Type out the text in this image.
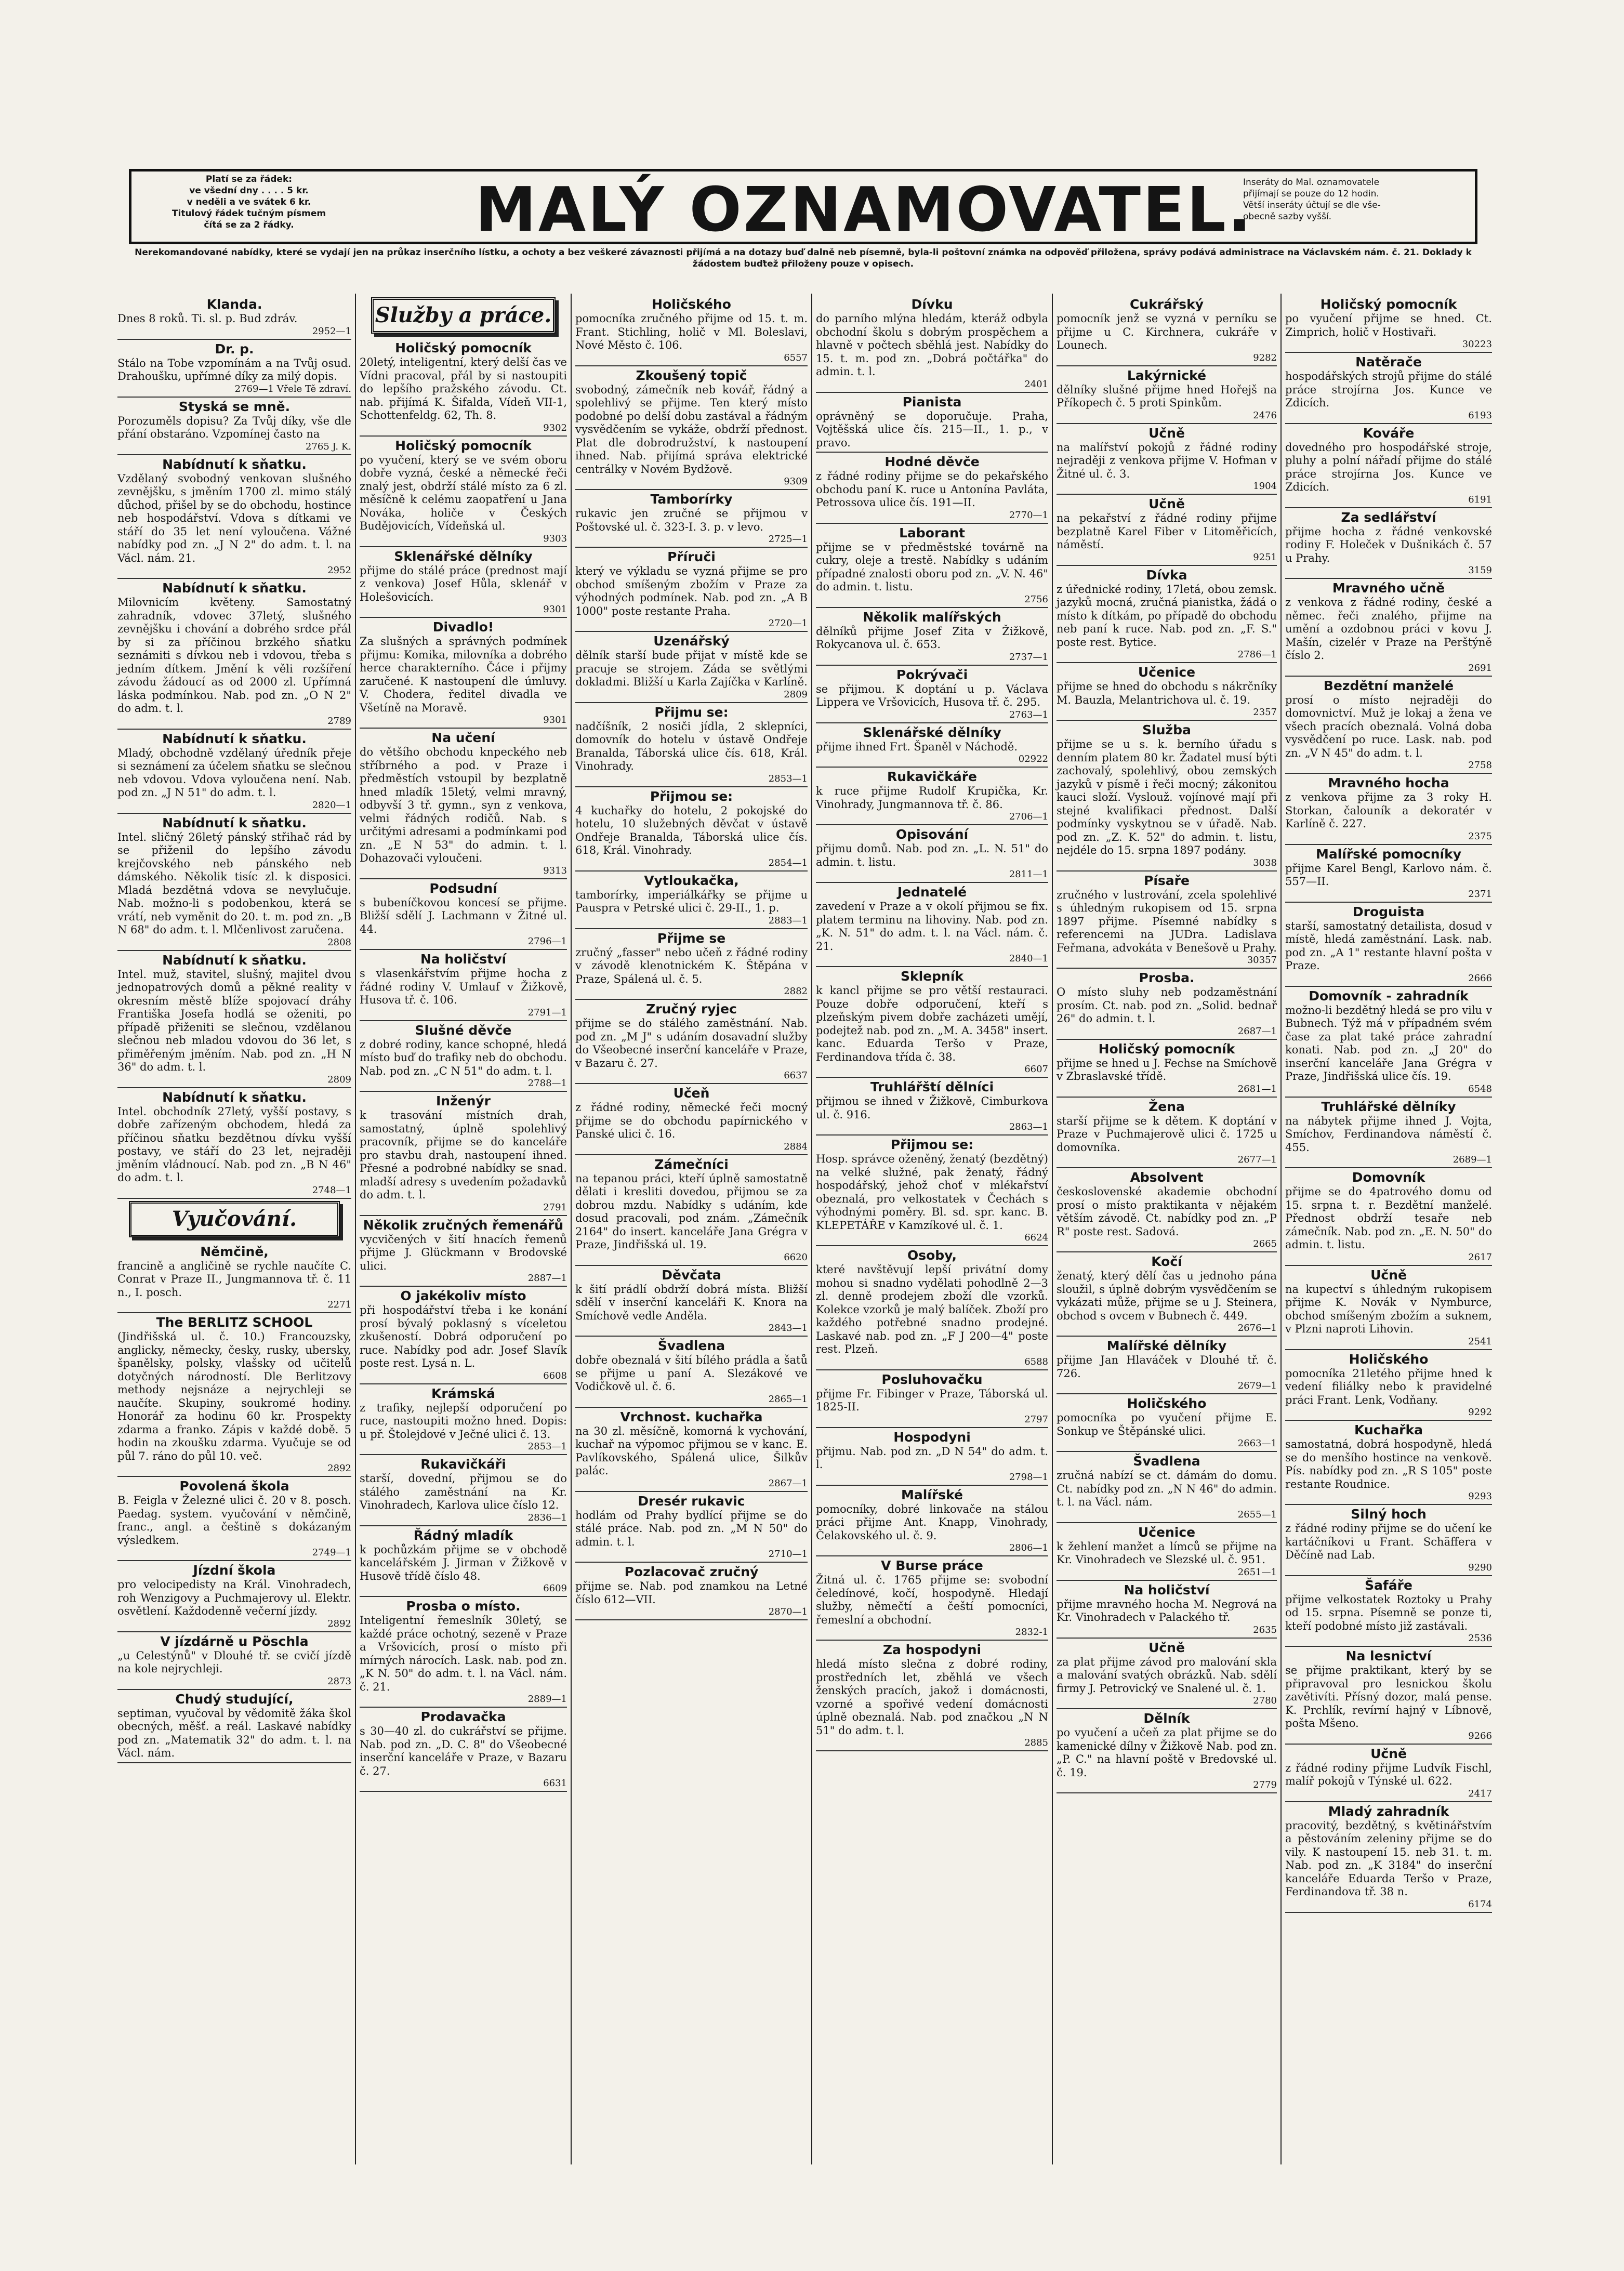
Platí se za řádek:
ve všední dny . . . . 5 kr.
v neděli a ve svátek 6 kr.
Titulový řádek tučným písmem
čítá se za 2 řádky.	MALÝ OZNAMOVATEL.
Inseráty do Mal. oznamovatele
přijímají se pouze do 12 hodin.
Větší inseráty účtují se dle vše-
obecně sazby vyšší.
Nerekomandované nabídky, které se vydají jen na průkaz inserčního lístku, a ochoty a bez veškeré závaznosti přijímá a na dotazy buď dalně neb písemně, byla-li poštovní známka na odpověď přiložena, správy podává administrace na Václavském nám. č. 21. Doklady k žádostem buďtež přiloženy pouze v opisech.
Klanda.
Dnes 8 roků. Ti. sl. p. Bud zdráv.
2952—1
Dr. p.
Stálo na Tobe vzpomínám a na Tvůj osud. Drahoušku, upřímné díky za milý dopis.
2769—1 Vřele Tě zdraví.
Styská se mně.
Porozuměls dopisu? Za Tvůj díky, vše dle přání obstaráno. Vzpomínej často na
2765 J. K.
Nabídnutí k sňatku.
Vzdělaný svobodný venkovan slušného zevnějšku, s jměním 1700 zl. mimo stálý důchod, přišel by se do obchodu, hostince neb hospodářství. Vdova s dítkami ve stáří do 35 let není vyloučena. Vážné nabídky pod zn. „J N 2" do adm. t. l. na Václ. nám. 21.
2952
Nabídnutí k sňatku.
Milovnicím květeny. Samostatný zahradník, vdovec 37letý, slušného zevnějšku i chování a dobrého srdce přál by si za příčinou brzkého sňatku seznámiti s dívkou neb i vdovou, třeba s jedním dítkem. Jmění k věli rozšíření závodu žádoucí as od 2000 zl. Upřímná láska podmínkou. Nab. pod zn. „O N 2" do adm. t. l.
2789
Nabídnutí k sňatku.
Mladý, obchodně vzdělaný úředník přeje si seznámení za účelem sňatku se slečnou neb vdovou. Vdova vyloučena není. Nab. pod zn. „J N 51" do adm. t. l.
2820—1
Nabídnutí k sňatku.
Intel. sličný 26letý pánský střihač rád by se přiženil do lepšího závodu krejčovského neb pánského neb dámského. Několik tisíc zl. k disposici. Mladá bezdětná vdova se nevylučuje. Nab. možno-li s podobenkou, která se vrátí, neb vyměnit do 20. t. m. pod zn. „B N 68" do adm. t. l. Mlčenlivost zaručena.
2808
Nabídnutí k sňatku.
Intel. muž, stavitel, slušný, majitel dvou jednopatrových domů a pěkné reality v okresním městě blíže spojovací dráhy Františka Josefa hodlá se oženiti, po případě přiženiti se slečnou, vzdělanou slečnou neb mladou vdovou do 36 let, s přiměřeným jměním. Nab. pod zn. „H N 36" do adm. t. l.
2809
Nabídnutí k sňatku.
Intel. obchodník 27letý, vyšší postavy, s dobře zařízeným obchodem, hledá za příčinou sňatku bezdětnou dívku vyšší postavy, ve stáří do 23 let, nejraději jměním vládnoucí. Nab. pod zn. „B N 46" do adm. t. l.
2748—1
Vyučování.
Němčině,
francině a angličině se rychle naučíte C. Conrat v Praze II., Jungmannova tř. č. 11 n., I. posch.
2271
The BERLITZ SCHOOL
(Jindřišská ul. č. 10.) Francouzsky, anglicky, německy, česky, rusky, ubersky, španělsky, polsky, vlašsky od učitelů dotyčných národností. Dle Berlitzovy methody nejsnáze a nejrychleji se naučíte. Skupiny, soukromé hodiny. Honorář za hodinu 60 kr. Prospekty zdarma a franko. Zápis v každé době. 5 hodin na zkoušku zdarma. Vyučuje se od půl 7. ráno do půl 10. več.
2892
Povolená škola
B. Feigla v Železné ulici č. 20 v 8. posch. Paedag. system. vyučování v němčině, franc., angl. a češtině s dokázaným výsledkem.
2749—1
Jízdní škola
pro velocipedisty na Král. Vinohradech, roh Wenzigovy a Puchmajerovy ul. Elektr. osvětlení. Každodenně večerní jízdy.
2892
V jízdárně u Pöschla
„u Celestýnů" v Dlouhé tř. se cvičí jízdě na kole nejrychleji.
2873
Chudý studující,
septiman, vyučoval by vědomitě žáka škol obecných, měšť. a reál. Laskavé nabídky pod zn. „Matematik 32" do adm. t. l. na Václ. nám.
Služby a práce.
Holičský pomocník
20letý, inteligentní, který delší čas ve Vídni pracoval, přál by si nastoupiti do lepšího pražského závodu. Ct. nab. přijímá K. Šifalda, Vídeň VII-1, Schottenfeldg. 62, Th. 8.
9302
Holičský pomocník
po vyučení, který se ve svém oboru dobře vyzná, české a německé řeči znalý jest, obdrží stálé místo za 6 zl. měsíčně k celému zaopatření u Jana Nováka, holiče v Českých Budějovicích, Vídeňská ul.
9303
Sklenářské dělníky
přijme do stálé práce (prednost mají z venkova) Josef Hůla, sklenář v Holešovicích.
9301
Divadlo!
Za slušných a správných podmínek přijmu: Komika, milovníka a dobrého herce charakterního. Čáce i přijmy zaručené. K nastoupení dle úmluvy. V. Chodera, ředitel divadla ve Všetíně na Moravě.
9301
Na učení
do většího obchodu knpeckého neb stříbrného a pod. v Praze i předměstích vstoupil by bezplatně hned mladík 15letý, velmi mravný, odbyvší 3 tř. gymn., syn z venkova, velmi řádných rodičů. Nab. s určitými adresami a podmínkami pod zn. „E N 53" do admin. t. l. Dohazovači vyloučeni.
9313
Podsudní
s bubeníčkovou koncesí se přijme. Bližší sdělí J. Lachmann v Žitné ul. 44.
2796—1
Na holičství
s vlasenkářstvím přijme hocha z řádné rodiny V. Umlauf v Žižkově, Husova tř. č. 106.
2791—1
Slušné děvče
z dobré rodiny, kance schopné, hledá místo buď do trafiky neb do obchodu. Nab. pod zn. „C N 51" do adm. t. l.
2788—1
Inženýr
k trasování místních drah, samostatný, úplně spolehlivý pracovník, přijme se do kanceláře pro stavbu drah, nastoupení ihned. Přesné a podrobné nabídky se snad. mladší adresy s uvedením požadavků do adm. t. l.
2791
Několik zručných řemenářů
vycvičených v šití hnacích řemenů přijme J. Glückmann v Brodovské ulici.
2887—1
O jakékoliv místo
při hospodářství třeba i ke konání prosí bývalý poklasný s víceletou zkušeností. Dobrá odporučení po ruce. Nabídky pod adr. Josef Slavík poste rest. Lysá n. L.
6608
Krámská
z trafiky, nejlepší odporučení po ruce, nastoupiti možno hned. Dopis: u př. Štolejdové v Ječné ulici č. 13.
2853—1
Rukavičkáři
starší, dovední, přijmou se do stálého zaměstnání na Kr. Vinohradech, Karlova ulice číslo 12.
2836—1
Řádný mladík
k pochůzkám přijme se v obchodě kancelářském J. Jirman v Žižkově v Husově třídě číslo 48.
6609
Prosba o místo.
Inteligentní řemeslník 30letý, se každé práce ochotný, sezeně v Praze a Vršovicích, prosí o místo při mírných nárocích. Lask. nab. pod zn. „K N. 50" do adm. t. l. na Václ. nám. č. 21.
2889—1
Prodavačka
s 30—40 zl. do cukrářství se přijme. Nab. pod zn. „D. C. 8" do Všeobecné inserční kanceláře v Praze, v Bazaru č. 27.
6631
Holičského
pomocníka zručného přijme od 15. t. m. Frant. Stichling, holič v Ml. Boleslavi, Nové Město č. 106.
6557
Zkoušený topič
svobodný, zámečník neb kovář, řádný a spolehlivý se přijme. Ten který místo podobné po delší dobu zastával a řádným vysvědčením se vykáže, obdrží přednost. Plat dle dobrodružství, k nastoupení ihned. Nab. přijímá správa elektrické centrálky v Novém Bydžově.
9309
Tamborírky
rukavic jen zručné se přijmou v Poštovské ul. č. 323-I. 3. p. v levo.
2725—1
Příruči
který ve výkladu se vyzná přijme se pro obchod smíšeným zbožím v Praze za výhodných podmínek. Nab. pod zn. „A B 1000" poste restante Praha.
2720—1
Uzenářský
dělník starší bude přijat v místě kde se pracuje se strojem. Záda se světlými dokladmi. Bližší u Karla Zajíčka v Karlíně.
2809
Přijmu se:
nadčíšník, 2 nosiči jídla, 2 sklepníci, domovník do hotelu v ústavě Ondřeje Branalda, Táborská ulice čís. 618, Král. Vinohrady.
2853—1
Přijmou se:
4 kuchařky do hotelu, 2 pokojské do hotelu, 10 služebných děvčat v ústavě Ondřeje Branalda, Táborská ulice čís. 618, Král. Vinohrady.
2854—1
Vytloukačka,
tamborírky, imperiálkářky se přijme u Pauspra v Petrské ulici č. 29-II., 1. p.
2883—1
Přijme se
zručný „fasser" nebo učeň z řádné rodiny v závodě klenotnickém K. Štěpána v Praze, Spálená ul. č. 5.
2882
Zručný ryjec
přijme se do stálého zaměstnání. Nab. pod zn. „M J" s udáním dosavadní služby do Všeobecné inserční kanceláře v Praze, v Bazaru č. 27.
6637
Učeň
z řádné rodiny, německé řeči mocný přijme se do obchodu papírnického v Panské ulici č. 16.
2884
Zámečníci
na tepanou práci, kteří úplně samostatně dělati i kresliti dovedou, přijmou se za dobrou mzdu. Nabídky s udáním, kde dosud pracovali, pod znám. „Zámečník 2164" do insert. kanceláře Jana Grégra v Praze, Jindřišská ul. 19.
6620
Děvčata
k šití prádlí obdrží dobrá místa. Bližší sdělí v inserční kanceláři K. Knora na Smíchově vedle Anděla.
2843—1
Švadlena
dobře obeznalá v šití bílého prádla a šatů se přijme u paní A. Slezákové ve Vodičkově ul. č. 6.
2865—1
Vrchnost. kuchařka
na 30 zl. měsíčně, komorná k vychování, kuchař na výpomoc přijmou se v kanc. E. Pavlíkovského, Spálená ulice, Šilkův palác.
2867—1
Dresér rukavic
hodlám od Prahy bydlící přijme se do stálé práce. Nab. pod zn. „M N 50" do admin. t. l.
2710—1
Pozlacovač zručný
přijme se. Nab. pod znamkou na Letné číslo 612—VII.
2870—1
Dívku
do parního mlýna hledám, kteráž odbyla obchodní školu s dobrým prospěchem a hlavně v počtech sběhlá jest. Nabídky do 15. t. m. pod zn. „Dobrá počtářka" do admin. t. l.
2401
Pianista
oprávněný se doporučuje. Praha, Vojtěšská ulice čís. 215—II., 1. p., v pravo.
Hodné děvče
z řádné rodiny přijme se do pekařského obchodu paní K. ruce u Antonína Pavláta, Petrossova ulice čís. 191—II.
2770—1
Laborant
přijme se v předměstské továrně na cukry, oleje a trestě. Nabídky s udáním případné znalosti oboru pod zn. „V. N. 46" do admin. t. listu.
2756
Několik malířských
dělníků přijme Josef Zita v Žižkově, Rokycanova ul. č. 653.
2737—1
Pokrývači
se přijmou. K doptání u p. Václava Lippera ve Vršovicích, Husova tř. č. 295.
2763—1
Sklenářské dělníky
přijme ihned Frt. Španěl v Náchodě.
02922
Rukavičkáře
k ruce přijme Rudolf Krupička, Kr. Vinohrady, Jungmannova tř. č. 86.
2706—1
Opisování
přijmu domů. Nab. pod zn. „L. N. 51" do admin. t. listu.
2811—1
Jednatelé
zavedení v Praze a v okolí přijmou se fix. platem terminu na lihoviny. Nab. pod zn. „K. N. 51" do adm. t. l. na Václ. nám. č. 21.
2840—1
Sklepník
k kancl přijme se pro větší restauraci. Pouze dobře odporučení, kteří s plzeňským pivem dobře zacházeti umějí, podejtež nab. pod zn. „M. A. 3458" insert. kanc. Eduarda Teršo v Praze, Ferdinandova třída č. 38.
6607
Truhlářští dělníci
přijmou se ihned v Žižkově, Cimburkova ul. č. 916.
2863—1
Přijmou se:
Hosp. správce oženěný, ženatý (bezdětný) na velké služné, pak ženatý, řádný hospodářský, jehož choť v mlékařství obeznalá, pro velkostatek v Čechách s výhodnými poměry. Bl. sd. spr. kanc. B. KLEPETÁŘE v Kamzíkové ul. č. 1.
6624
Osoby,
které navštěvují lepší privátní domy mohou si snadno vydělati pohodlně 2—3 zl. denně prodejem zboží dle vzorků. Kolekce vzorků je malý balíček. Zboží pro každého potřebné snadno prodejné. Laskavé nab. pod zn. „F J 200—4" poste rest. Plzeň.
6588
Posluhovačku
přijme Fr. Fibinger v Praze, Táborská ul. 1825-II.
2797
Hospodyni
přijmu. Nab. pod zn. „D N 54" do adm. t. l.
2798—1
Malířské
pomocníky, dobré linkovače na stálou práci přijme Ant. Knapp, Vinohrady, Čelakovského ul. č. 9.
2806—1
V Burse práce
Žitná ul. č. 1765 přijme se: svobodní čeledínové, kočí, hospodyně. Hledají služby, němečtí a čeští pomocníci, řemeslní a obchodní.
2832-1
Za hospodyni
hledá místo slečna z dobré rodiny, prostředních let, zběhlá ve všech ženských pracích, jakož i domácnosti, vzorné a spořivé vedení domácnosti úplně obeznalá. Nab. pod značkou „N N 51" do adm. t. l.
2885
Cukrářský
pomocník jenž se vyzná v perníku se přijme u C. Kirchnera, cukráře v Lounech.
9282
Lakýrnické
dělníky slušné přijme hned Hořejš na Příkopech č. 5 proti Spinkům.
2476
Učně
na malířství pokojů z řádné rodiny nejraději z venkova přijme V. Hofman v Žitné ul. č. 3.
1904
Učně
na pekařství z řádné rodiny přijme bezplatně Karel Fiber v Litoměřicích, náměstí.
9251
Dívka
z úřednické rodiny, 17letá, obou zemsk. jazyků mocná, zručná pianistka, žádá o místo k dítkám, po případě do obchodu neb paní k ruce. Nab. pod zn. „F. S." poste rest. Bytice.
2786—1
Učenice
přijme se hned do obchodu s nákrčníky M. Bauzla, Melantrichova ul. č. 19.
2357
Služba
přijme se u s. k. berního úřadu s denním platem 80 kr. Žadatel musí býti zachovalý, spolehlivý, obou zemských jazyků v písmě i řeči mocný; zákonitou kauci složí. Vyslouž. vojínové mají při stejné kvalifikaci přednost. Další podmínky vyskytnou se v úřadě. Nab. pod zn. „Z. K. 52" do admin. t. listu, nejdéle do 15. srpna 1897 podány.
3038
Písaře
zručného v lustrování, zcela spolehlivé s úhledným rukopisem od 15. srpna 1897 přijme. Písemné nabídky s referencemi na JUDra. Ladislava Feřmana, advokáta v Benešově u Prahy.
30357
Prosba.
O místo sluhy neb podzaměstnání prosím. Ct. nab. pod zn. „Solid. bednař 26" do admin. t. l.
2687—1
Holičský pomocník
přijme se hned u J. Fechse na Smíchově v Zbraslavské třídě.
2681—1
Žena
starší přijme se k dětem. K doptání v Praze v Puchmajerově ulici č. 1725 u domovníka.
2677—1
Absolvent
československé akademie obchodní prosí o místo praktikanta v nějakém větším závodě. Ct. nabídky pod zn. „P R" poste rest. Sadová.
2665
Kočí
ženatý, který dělí čas u jednoho pána sloužil, s úplně dobrým vysvědčením se vykázati může, přijme se u J. Steinera, obchod s ovcem v Bubnech č. 449.
2676—1
Malířské dělníky
přijme Jan Hlaváček v Dlouhé tř. č. 726.
2679—1
Holičského
pomocníka po vyučení přijme E. Sonkup ve Štěpánské ulici.
2663—1
Švadlena
zručná nabízí se ct. dámám do domu. Ct. nabídky pod zn. „N N 46" do admin. t. l. na Václ. nám.
2655—1
Učenice
k žehlení manžet a límců se přijme na Kr. Vinohradech ve Slezské ul. č. 951.
2651—1
Na holičství
přijme mravného hocha M. Negrová na Kr. Vinohradech v Palackého tř.
2635
Učně
za plat přijme závod pro malování skla a malování svatých obrázků. Nab. sdělí firmy J. Petrovický ve Snalené ul. č. 1.
2780
Dělník
po vyučení a učeň za plat přijme se do kamenické dílny v Žižkově Nab. pod zn. „P. C." na hlavní poště v Bredovské ul. č. 19.
2779
Holičský pomocník
po vyučení přijme se hned. Ct. Zimprich, holič v Hostivaři.
30223
Natěrače
hospodářských strojů přijme do stálé práce strojírna Jos. Kunce ve Zdicích.
6193
Kováře
dovedného pro hospodářské stroje, pluhy a polní nářadí přijme do stálé práce strojírna Jos. Kunce ve Zdicích.
6191
Za sedlářství
přijme hocha z řádné venkovské rodiny F. Holeček v Dušnikách č. 57 u Prahy.
3159
Mravného učně
z venkova z řádné rodiny, české a němec. řeči znalého, přijme na umění a ozdobnou práci v kovu J. Mašín, cizelér v Praze na Perštýně číslo 2.
2691
Bezdětní manželé
prosí o místo nejraději do domovnictví. Muž je lokaj a žena ve všech pracích obeznalá. Volná doba vysvědčení po ruce. Lask. nab. pod zn. „V N 45" do adm. t. l.
2758
Mravného hocha
z venkova přijme za 3 roky H. Storkan, čalouník a dekoratér v Karlíně č. 227.
2375
Malířské pomocníky
přijme Karel Bengl, Karlovo nám. č. 557—II.
2371
Droguista
starší, samostatný detailista, dosud v místě, hledá zaměstnání. Lask. nab. pod zn. „A 1" restante hlavní pošta v Praze.
2666
Domovník - zahradník
možno-li bezdětný hledá se pro vilu v Bubnech. Týž má v případném svém čase za plat také práce zahradní konati. Nab. pod zn. „J 20" do inserční kanceláře Jana Grégra v Praze, Jindřišská ulice čís. 19.
6548
Truhlářské dělníky
na nábytek přijme ihned J. Vojta, Smíchov, Ferdinandova náměstí č. 455.
2689—1
Domovník
přijme se do 4patrového domu od 15. srpna t. r. Bezdětní manželé. Přednost obdrží tesaře neb zámečník. Nab. pod zn. „E. N. 50" do admin. t. listu.
2617
Učně
na kupectví s úhledným rukopisem přijme K. Novák v Nymburce, obchod smíšeným zbožím a suknem, v Plzni naproti Lihovin.
2541
Holičského
pomocníka 21letého přijme hned k vedení filiálky nebo k pravidelné práci Frant. Lenk, Vodňany.
9292
Kuchařka
samostatná, dobrá hospodyně, hledá se do menšího hostince na venkově. Pís. nabídky pod zn. „R S 105" poste restante Roudnice.
9293
Silný hoch
z řádné rodiny přijme se do učení ke kartáčníkovi u Frant. Schäffera v Děčíně nad Lab.
9290
Šafáře
přijme velkostatek Roztoky u Prahy od 15. srpna. Písemně se ponze ti, kteří podobné místo již zastávali.
2536
Na lesnictví
se přijme praktikant, který by se připravoval pro lesnickou školu zavětivíti. Přísný dozor, malá pense. K. Prchlík, revírní hajný v Líbnově, pošta Mšeno.
9266
Učně
z řádné rodiny přijme Ludvík Fischl, malíř pokojů v Týnské ul. 622.
2417
Mladý zahradník
pracovitý, bezdětný, s květinářstvím a pěstováním zeleniny přijme se do vily. K nastoupení 15. neb 31. t. m. Nab. pod zn. „K 3184" do inserční kanceláře Eduarda Teršo v Praze, Ferdinandova tř. 38 n.
6174
